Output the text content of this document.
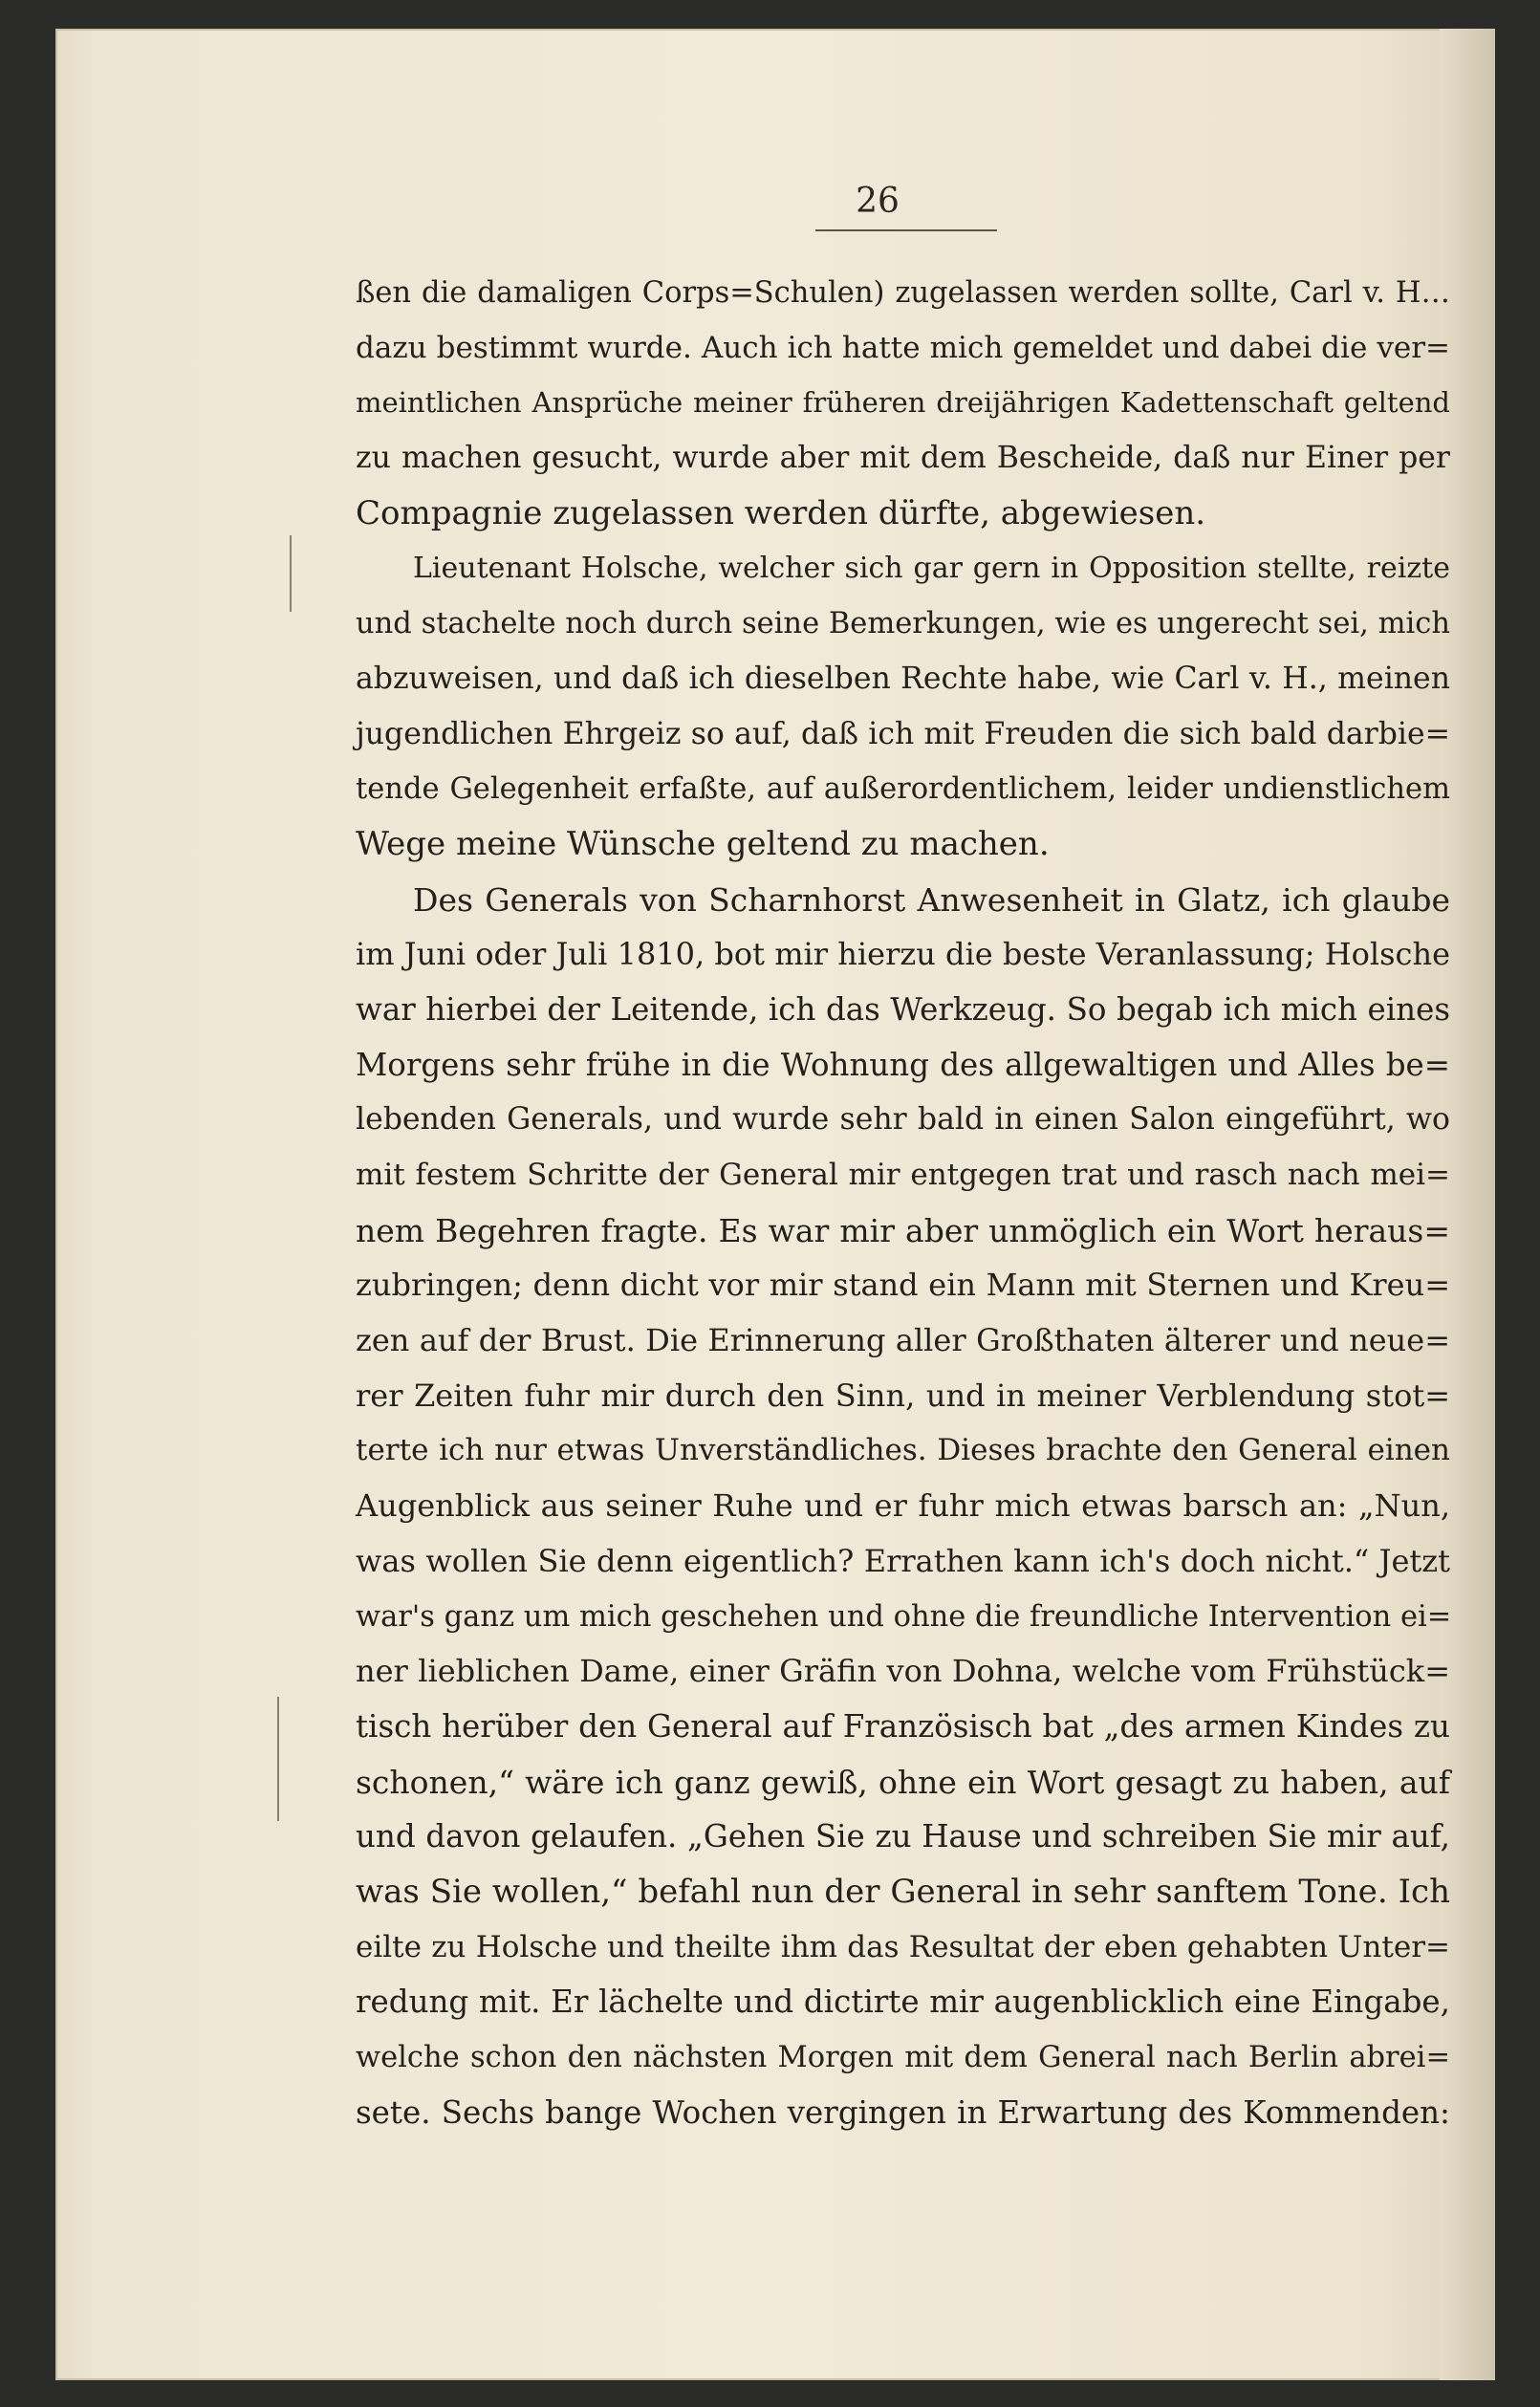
26
ßen die damaligen Corps=Schulen) zugelassen werden sollte, Carl v. H…
dazu bestimmt wurde. Auch ich hatte mich gemeldet und dabei die ver=
meintlichen Ansprüche meiner früheren dreijährigen Kadettenschaft geltend
zu machen gesucht, wurde aber mit dem Bescheide, daß nur Einer per
Compagnie zugelassen werden dürfte, abgewiesen.
Lieutenant Holsche, welcher sich gar gern in Opposition stellte, reizte
und stachelte noch durch seine Bemerkungen, wie es ungerecht sei, mich
abzuweisen, und daß ich dieselben Rechte habe, wie Carl v. H., meinen
jugendlichen Ehrgeiz so auf, daß ich mit Freuden die sich bald darbie=
tende Gelegenheit erfaßte, auf außerordentlichem, leider undienstlichem
Wege meine Wünsche geltend zu machen.
Des Generals von Scharnhorst Anwesenheit in Glatz, ich glaube
im Juni oder Juli 1810, bot mir hierzu die beste Veranlassung; Holsche
war hierbei der Leitende, ich das Werkzeug. So begab ich mich eines
Morgens sehr frühe in die Wohnung des allgewaltigen und Alles be=
lebenden Generals, und wurde sehr bald in einen Salon eingeführt, wo
mit festem Schritte der General mir entgegen trat und rasch nach mei=
nem Begehren fragte. Es war mir aber unmöglich ein Wort heraus=
zubringen; denn dicht vor mir stand ein Mann mit Sternen und Kreu=
zen auf der Brust. Die Erinnerung aller Großthaten älterer und neue=
rer Zeiten fuhr mir durch den Sinn, und in meiner Verblendung stot=
terte ich nur etwas Unverständliches. Dieses brachte den General einen
Augenblick aus seiner Ruhe und er fuhr mich etwas barsch an: „Nun,
was wollen Sie denn eigentlich? Errathen kann ich's doch nicht.“ Jetzt
war's ganz um mich geschehen und ohne die freundliche Intervention ei=
ner lieblichen Dame, einer Gräfin von Dohna, welche vom Frühstück=
tisch herüber den General auf Französisch bat „des armen Kindes zu
schonen,“ wäre ich ganz gewiß, ohne ein Wort gesagt zu haben, auf
und davon gelaufen. „Gehen Sie zu Hause und schreiben Sie mir auf,
was Sie wollen,“ befahl nun der General in sehr sanftem Tone. Ich
eilte zu Holsche und theilte ihm das Resultat der eben gehabten Unter=
redung mit. Er lächelte und dictirte mir augenblicklich eine Eingabe,
welche schon den nächsten Morgen mit dem General nach Berlin abrei=
sete. Sechs bange Wochen vergingen in Erwartung des Kommenden:
